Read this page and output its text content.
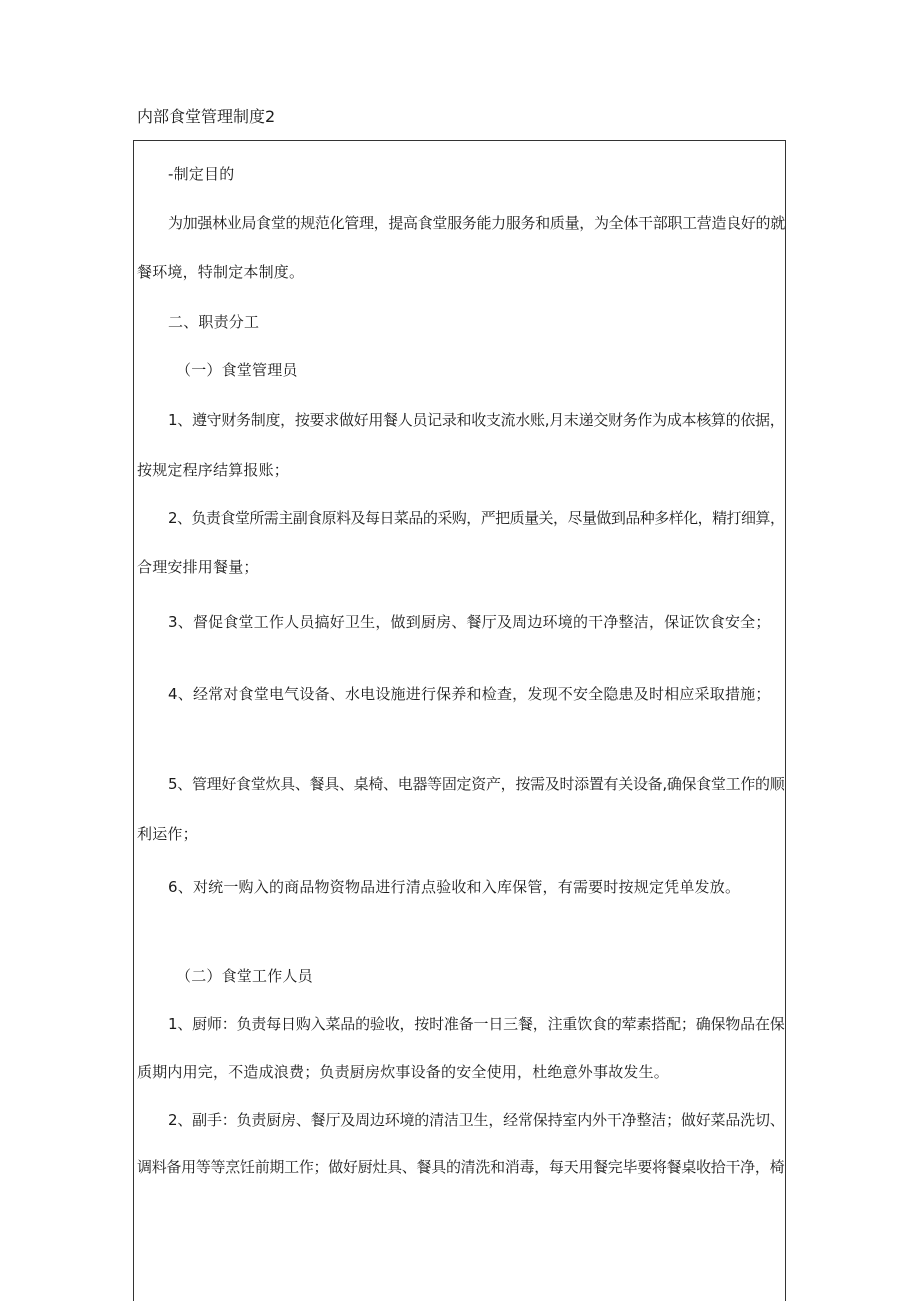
内部食堂管理制度2
-制定目的
为加强林业局食堂的规范化管理，提高食堂服务能力服务和质量，为全体干部职工营造良好的就
餐环境，特制定本制度。
二、职责分工
（一）食堂管理员
1、遵守财务制度，按要求做好用餐人员记录和收支流水账,月末递交财务作为成本核算的依据，
按规定程序结算报账；
2、负责食堂所需主副食原料及每日菜品的采购，严把质量关，尽量做到品种多样化，精打细算，
合理安排用餐量；
3、督促食堂工作人员搞好卫生，做到厨房、餐厅及周边环境的干净整洁，保证饮食安全；
4、经常对食堂电气设备、水电设施进行保养和检查，发现不安全隐患及时相应采取措施；
5、管理好食堂炊具、餐具、桌椅、电器等固定资产，按需及时添置有关设备,确保食堂工作的顺
利运作；
6、对统一购入的商品物资物品进行清点验收和入库保管，有需要时按规定凭单发放。
（二）食堂工作人员
1、厨师：负责每日购入菜品的验收，按时准备一日三餐，注重饮食的荤素搭配；确保物品在保
质期内用完，不造成浪费；负责厨房炊事设备的安全使用，杜绝意外事故发生。
2、副手：负责厨房、餐厅及周边环境的清洁卫生，经常保持室内外干净整洁；做好菜品洗切、
调料备用等等烹饪前期工作；做好厨灶具、餐具的清洗和消毒，每天用餐完毕要将餐桌收拾干净，椅
